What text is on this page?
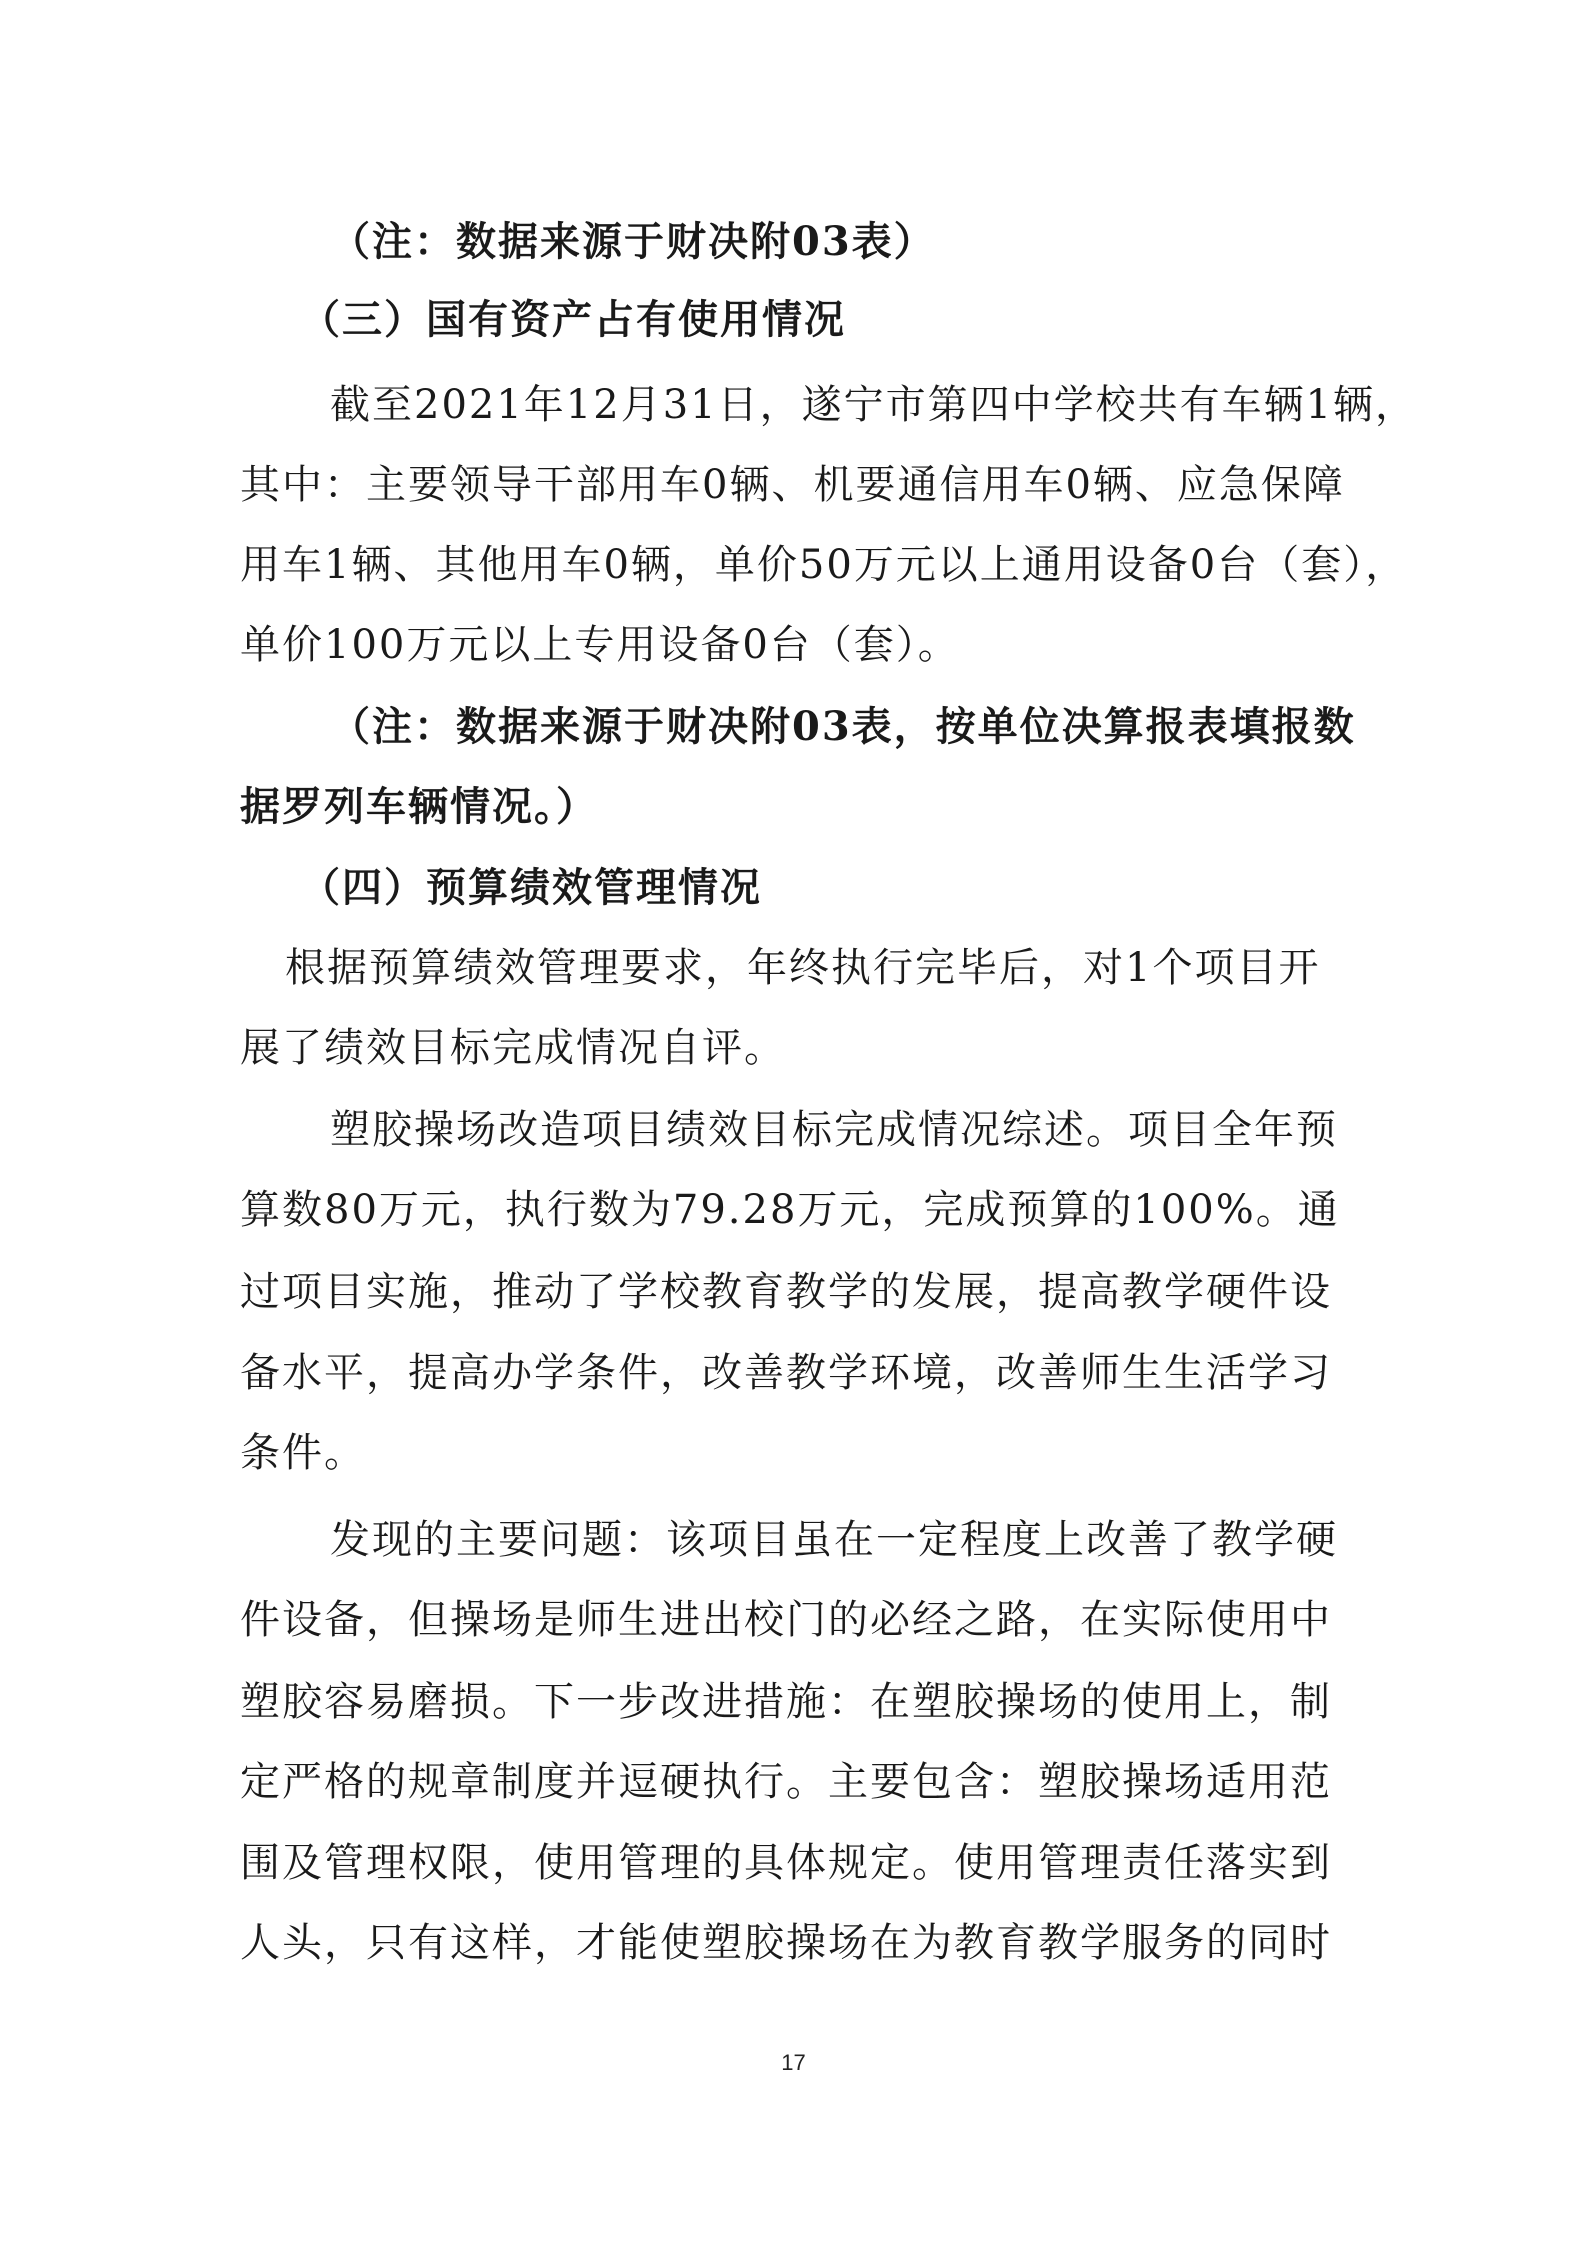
（注：数据来源于财决附03表）
（三）国有资产占有使用情况
截至2021年12月31日，遂宁市第四中学校共有车辆1辆，
其中：主要领导干部用车0辆、机要通信用车0辆、应急保障
用车1辆、其他用车0辆，单价50万元以上通用设备0台（套），
单价100万元以上专用设备0台（套）。
（注：数据来源于财决附03表，按单位决算报表填报数
据罗列车辆情况。）
（四）预算绩效管理情况
根据预算绩效管理要求，年终执行完毕后，对1个项目开
展了绩效目标完成情况自评。
塑胶操场改造项目绩效目标完成情况综述。项目全年预
算数80万元，执行数为79.28万元，完成预算的100%。通
过项目实施，推动了学校教育教学的发展，提高教学硬件设
备水平，提高办学条件，改善教学环境，改善师生生活学习
条件。
发现的主要问题：该项目虽在一定程度上改善了教学硬
件设备，但操场是师生进出校门的必经之路，在实际使用中
塑胶容易磨损。下一步改进措施：在塑胶操场的使用上，制
定严格的规章制度并逗硬执行。主要包含：塑胶操场适用范
围及管理权限，使用管理的具体规定。使用管理责任落实到
人头，只有这样，才能使塑胶操场在为教育教学服务的同时
17
